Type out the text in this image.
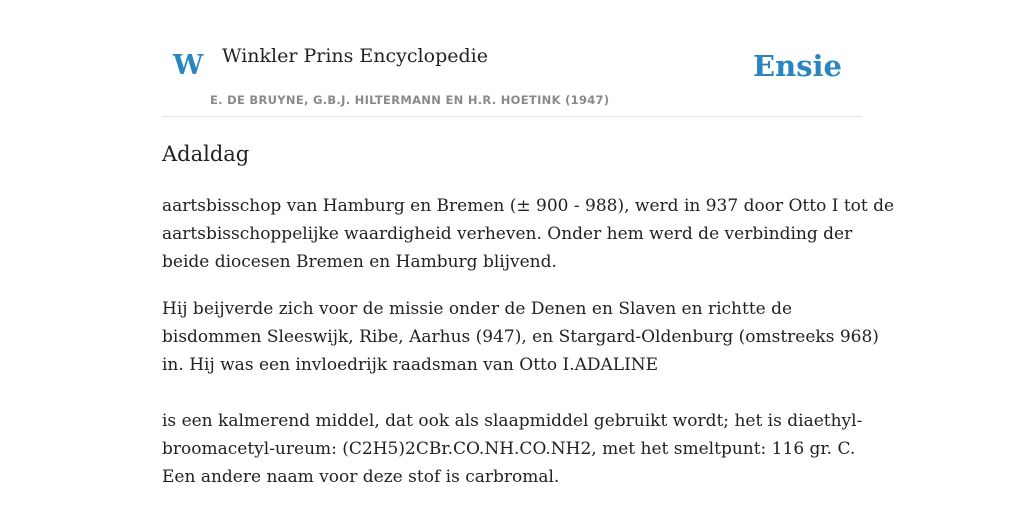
W Winkler Prins Encyclopedie
E. DE BRUYNE, G.B.J. HILTERMANN EN H.R. HOETINK (1947)
Ensie
Adaldag

aartsbisschop van Hamburg en Bremen (± 900 - 988), werd in 937 door Otto I tot de
aartsbisschoppelijke waardigheid verheven. Onder hem werd de verbinding der
beide diocesen Bremen en Hamburg blijvend.

Hij beijverde zich voor de missie onder de Denen en Slaven en richtte de
bisdommen Sleeswijk, Ribe, Aarhus (947), en Stargard-Oldenburg (omstreeks 968)
in. Hij was een invloedrijk raadsman van Otto I.ADALINE

is een kalmerend middel, dat ook als slaapmiddel gebruikt wordt; het is diaethyl-
broomacetyl-ureum: (C2H5)2CBr.CO.NH.CO.NH2, met het smeltpunt: 116 gr. C.
Een andere naam voor deze stof is carbromal.
